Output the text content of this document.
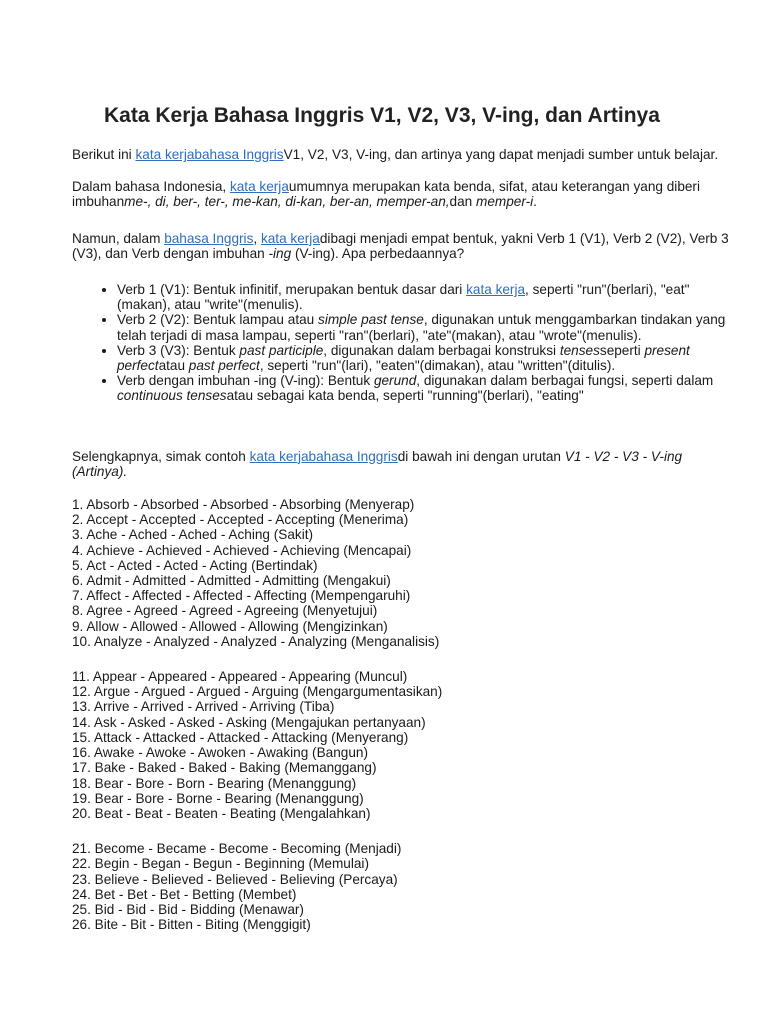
Kata Kerja Bahasa Inggris V1, V2, V3, V-ing, dan Artinya

Berikut ini kata kerjabahasa InggrisV1, V2, V3, V-ing, dan artinya yang dapat menjadi sumber untuk belajar.

Dalam bahasa Indonesia, kata kerjaumumnya merupakan kata benda, sifat, atau keterangan yang diberi imbuhanme-, di, ber-, ter-, me-kan, di-kan, ber-an, memper-an,dan memper-i.

Namun, dalam bahasa Inggris, kata kerjadibagi menjadi empat bentuk, yakni Verb 1 (V1), Verb 2 (V2), Verb 3 (V3), dan Verb dengan imbuhan -ing (V-ing). Apa perbedaannya?

• Verb 1 (V1): Bentuk infinitif, merupakan bentuk dasar dari kata kerja, seperti "run"(berlari), "eat"(makan), atau "write"(menulis).
• Verb 2 (V2): Bentuk lampau atau simple past tense, digunakan untuk menggambarkan tindakan yang telah terjadi di masa lampau, seperti "ran"(berlari), "ate"(makan), atau "wrote"(menulis).
• Verb 3 (V3): Bentuk past participle, digunakan dalam berbagai konstruksi tensesseperti present perfectatau past perfect, seperti "run"(lari), "eaten"(dimakan), atau "written"(ditulis).
• Verb dengan imbuhan -ing (V-ing): Bentuk gerund, digunakan dalam berbagai fungsi, seperti dalam continuous tensesatau sebagai kata benda, seperti "running"(berlari), "eating"

Selengkapnya, simak contoh kata kerjabahasa Inggrisdi bawah ini dengan urutan V1 - V2 - V3 - V-ing (Artinya).

1. Absorb - Absorbed - Absorbed - Absorbing (Menyerap)
2. Accept - Accepted - Accepted - Accepting (Menerima)
3. Ache - Ached - Ached - Aching (Sakit)
4. Achieve - Achieved - Achieved - Achieving (Mencapai)
5. Act - Acted - Acted - Acting (Bertindak)
6. Admit - Admitted - Admitted - Admitting (Mengakui)
7. Affect - Affected - Affected - Affecting (Mempengaruhi)
8. Agree - Agreed - Agreed - Agreeing (Menyetujui)
9. Allow - Allowed - Allowed - Allowing (Mengizinkan)
10. Analyze - Analyzed - Analyzed - Analyzing (Menganalisis)
11. Appear - Appeared - Appeared - Appearing (Muncul)
12. Argue - Argued - Argued - Arguing (Mengargumentasikan)
13. Arrive - Arrived - Arrived - Arriving (Tiba)
14. Ask - Asked - Asked - Asking (Mengajukan pertanyaan)
15. Attack - Attacked - Attacked - Attacking (Menyerang)
16. Awake - Awoke - Awoken - Awaking (Bangun)
17. Bake - Baked - Baked - Baking (Memanggang)
18. Bear - Bore - Born - Bearing (Menanggung)
19. Bear - Bore - Borne - Bearing (Menanggung)
20. Beat - Beat - Beaten - Beating (Mengalahkan)
21. Become - Became - Become - Becoming (Menjadi)
22. Begin - Began - Begun - Beginning (Memulai)
23. Believe - Believed - Believed - Believing (Percaya)
24. Bet - Bet - Bet - Betting (Membet)
25. Bid - Bid - Bid - Bidding (Menawar)
26. Bite - Bit - Bitten - Biting (Menggigit)
